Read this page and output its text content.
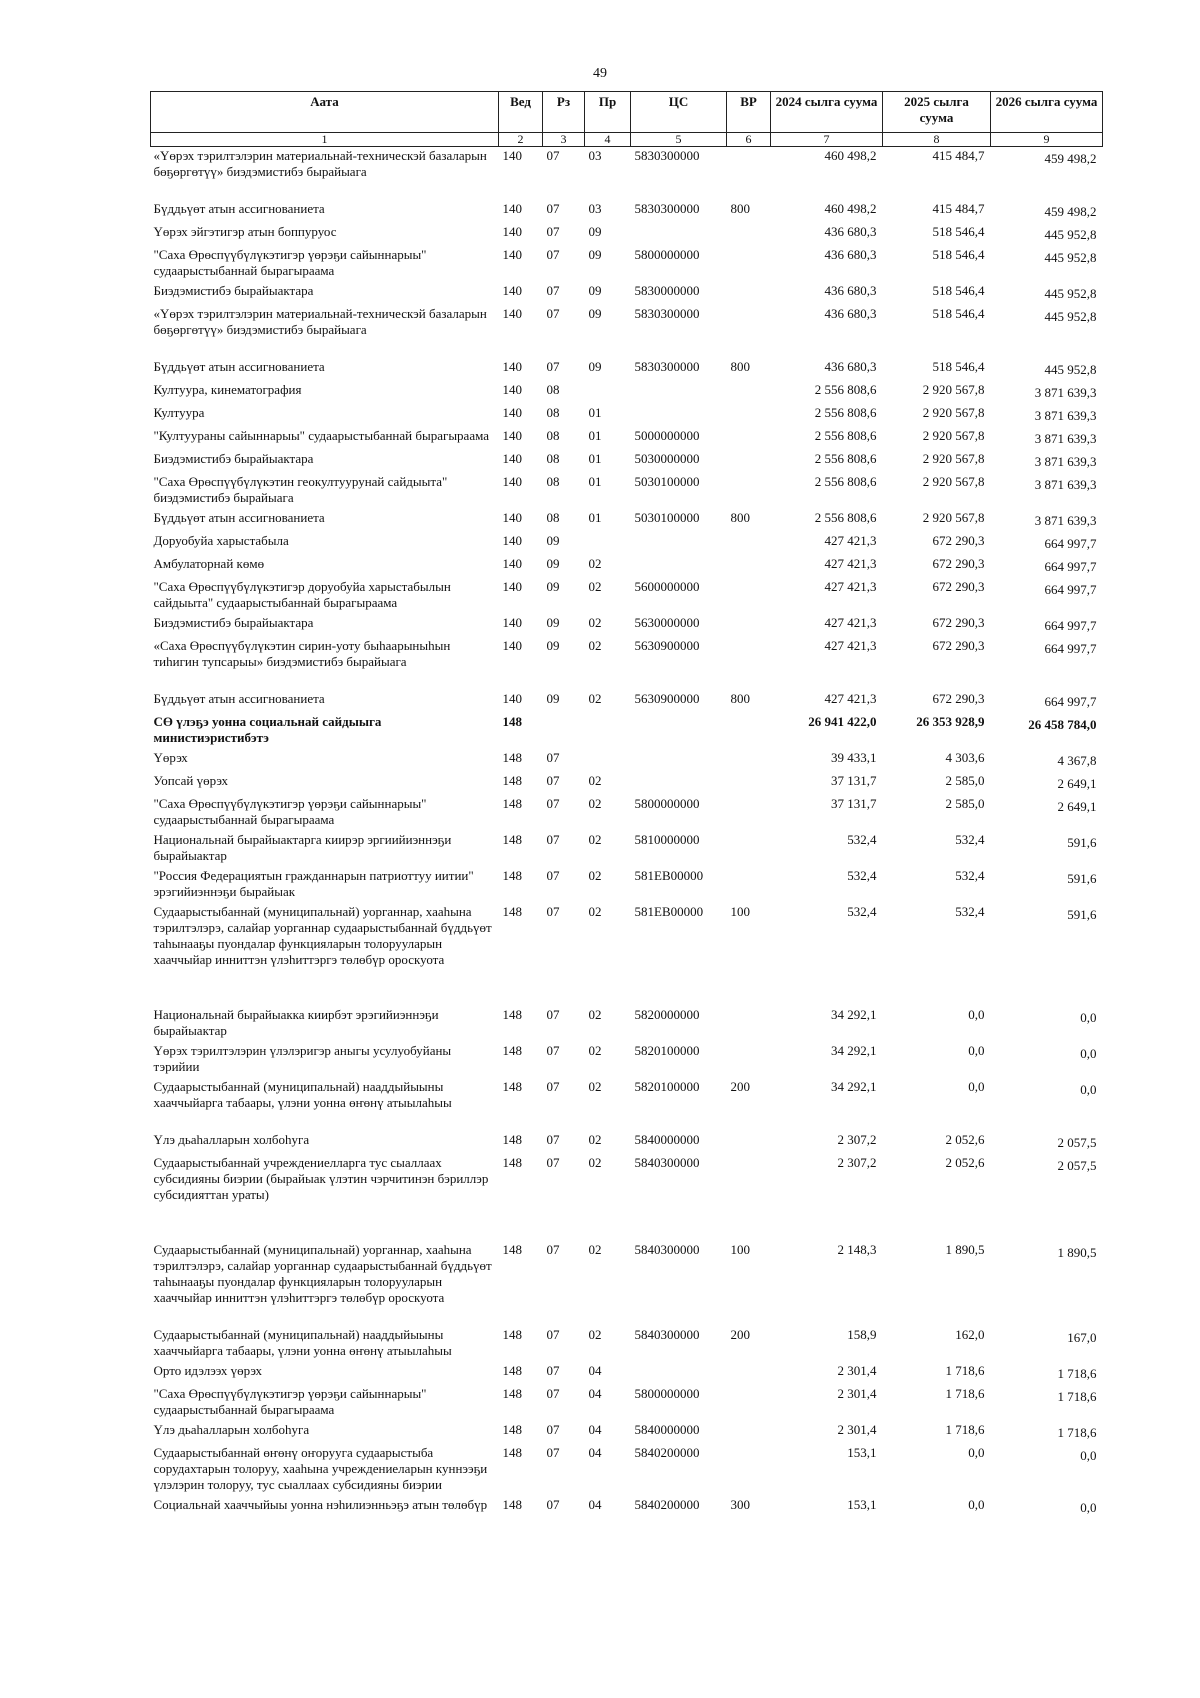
49
Аата	Вед	Рз	Пр	ЦС	ВР	2024 сылга суума	2025 сылга суума	2026 сылга суума
1	2	3	4	5	6	7	8	9
«Үөрэх тэрилтэлэрин материальнай-техническэй базаларын бөҕөргөтүү» биэдэмистибэ бырайыага	140	07	03	5830300000		460 498,2	415 484,7	459 498,2
Бүддьүөт атын ассигнованиета	140	07	03	5830300000	800	460 498,2	415 484,7	459 498,2
Үөрэх эйгэтигэр атын боппуруос	140	07	09			436 680,3	518 546,4	445 952,8
"Саха Өрөспүүбүлүкэтигэр үөрэҕи сайыннарыы" судаарыстыбаннай бырагыраама	140	07	09	5800000000		436 680,3	518 546,4	445 952,8
Биэдэмистибэ бырайыактара	140	07	09	5830000000		436 680,3	518 546,4	445 952,8
«Үөрэх тэрилтэлэрин материальнай-техническэй базаларын бөҕөргөтүү» биэдэмистибэ бырайыага	140	07	09	5830300000		436 680,3	518 546,4	445 952,8
Бүддьүөт атын ассигнованиета	140	07	09	5830300000	800	436 680,3	518 546,4	445 952,8
Култуура, кинематография	140	08				2 556 808,6	2 920 567,8	3 871 639,3
Култуура	140	08	01			2 556 808,6	2 920 567,8	3 871 639,3
"Култуураны сайыннарыы" судаарыстыбаннай бырагыраама	140	08	01	5000000000		2 556 808,6	2 920 567,8	3 871 639,3
Биэдэмистибэ бырайыактара	140	08	01	5030000000		2 556 808,6	2 920 567,8	3 871 639,3
"Саха Өрөспүүбүлүкэтин геокултуурунай сайдыыта" биэдэмистибэ бырайыага	140	08	01	5030100000		2 556 808,6	2 920 567,8	3 871 639,3
Бүддьүөт атын ассигнованиета	140	08	01	5030100000	800	2 556 808,6	2 920 567,8	3 871 639,3
Доруобуйа харыстабыла	140	09				427 421,3	672 290,3	664 997,7
Амбулаторнай көмө	140	09	02			427 421,3	672 290,3	664 997,7
"Саха Өрөспүүбүлүкэтигэр доруобуйа харыстабылын сайдыыта" судаарыстыбаннай бырагыраама	140	09	02	5600000000		427 421,3	672 290,3	664 997,7
Биэдэмистибэ бырайыактара	140	09	02	5630000000		427 421,3	672 290,3	664 997,7
«Саха Өрөспүүбүлүкэтин сирин-уоту быһаарыныһын тиһигин тупсарыы» биэдэмистибэ бырайыага	140	09	02	5630900000		427 421,3	672 290,3	664 997,7
Бүддьүөт атын ассигнованиета	140	09	02	5630900000	800	427 421,3	672 290,3	664 997,7
СӨ үлэҕэ уонна социальнай сайдыыга министиэристибэтэ	148					26 941 422,0	26 353 928,9	26 458 784,0
Үөрэх	148	07				39 433,1	4 303,6	4 367,8
Уопсай үөрэх	148	07	02			37 131,7	2 585,0	2 649,1
"Саха Өрөспүүбүлүкэтигэр үөрэҕи сайыннарыы" судаарыстыбаннай бырагыраама	148	07	02	5800000000		37 131,7	2 585,0	2 649,1
Национальнай бырайыактарга киирэр эргиийиэннэҕи бырайыактар	148	07	02	5810000000		532,4	532,4	591,6
"Россия Федерациятын гражданнарын патриоттуу иитии" эрэгийиэннэҕи бырайыак	148	07	02	581EB00000		532,4	532,4	591,6
Судаарыстыбаннай (муниципальнай) уорганнар, хааһына тэрилтэлэрэ, салайар уорганнар судаарыстыбаннай бүддьүөт таһынааҕы пуондалар функцияларын толорууларын хааччыйар инниттэн үлэһиттэргэ төлөбүр ороскуота	148	07	02	581EB00000	100	532,4	532,4	591,6
Национальнай бырайыакка киирбэт эрэгийиэннэҕи бырайыактар	148	07	02	5820000000		34 292,1	0,0	0,0
Үөрэх тэрилтэлэрин үлэлэригэр аныгы усулуобуйаны тэрийии	148	07	02	5820100000		34 292,1	0,0	0,0
Судаарыстыбаннай (муниципальнай) нааддыйыыны хааччыйарга табаары, үлэни уонна өҥөнү атыылаһыы	148	07	02	5820100000	200	34 292,1	0,0	0,0
Үлэ дьаһалларын холбоһуга	148	07	02	5840000000		2 307,2	2 052,6	2 057,5
Судаарыстыбаннай учреждениелларга тус сыаллаах субсидияны биэрии (бырайыак үлэтин чэрчитинэн бэриллэр субсидияттан ураты)	148	07	02	5840300000		2 307,2	2 052,6	2 057,5
Судаарыстыбаннай (муниципальнай) уорганнар, хааһына тэрилтэлэрэ, салайар уорганнар судаарыстыбаннай бүддьүөт таһынааҕы пуондалар функцияларын толорууларын хааччыйар инниттэн үлэһиттэргэ төлөбүр ороскуота	148	07	02	5840300000	100	2 148,3	1 890,5	1 890,5
Судаарыстыбаннай (муниципальнай) нааддыйыыны хааччыйарга табаары, үлэни уонна өҥөнү атыылаһыы	148	07	02	5840300000	200	158,9	162,0	167,0
Орто идэлээх үөрэх	148	07	04			2 301,4	1 718,6	1 718,6
"Саха Өрөспүүбүлүкэтигэр үөрэҕи сайыннарыы" судаарыстыбаннай бырагыраама	148	07	04	5800000000		2 301,4	1 718,6	1 718,6
Үлэ дьаһалларын холбоһуга	148	07	04	5840000000		2 301,4	1 718,6	1 718,6
Судаарыстыбаннай өҥөнү оҥорууга судаарыстыба сорудахтарын толоруу, хааһына учреждениеларын куннээҕи үлэлэрин толоруу, тус сыаллаах субсидияны биэрии	148	07	04	5840200000		153,1	0,0	0,0
Социальнай хааччыйыы уонна нэһилиэнньэҕэ атын төлөбүр	148	07	04	5840200000	300	153,1	0,0	0,0
